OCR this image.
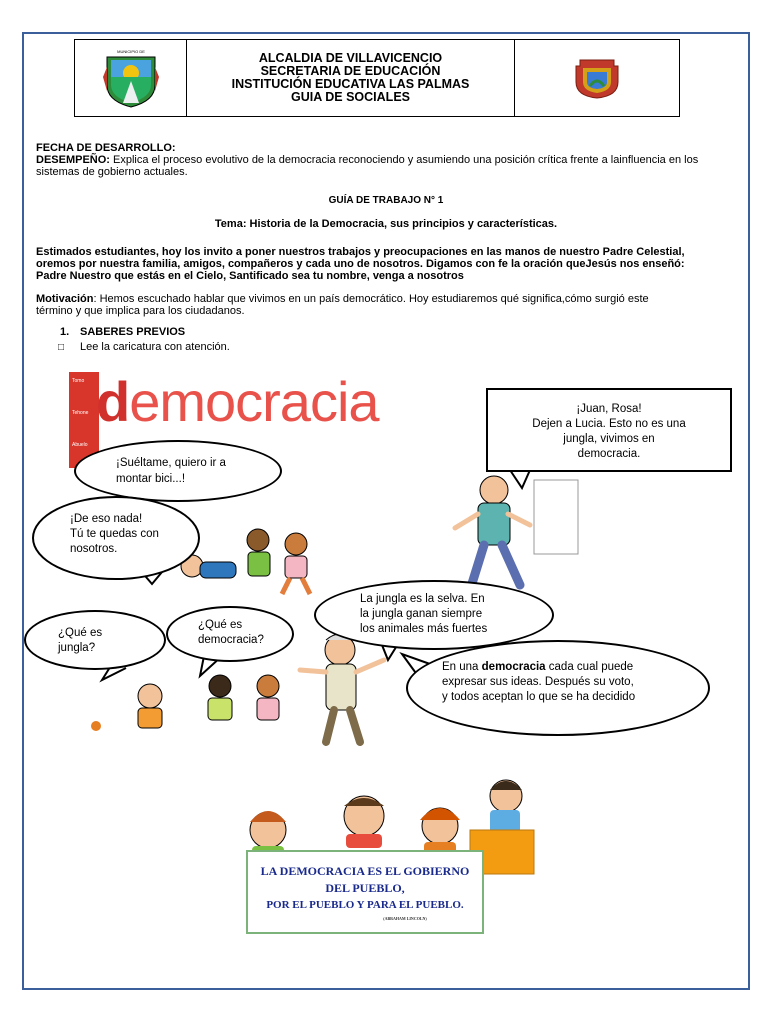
MUNICIPIO DE	ALCALDIA DE VILLAVICENCIO
SECRETARIA DE EDUCACIÓN
INSTITUCIÓN EDUCATIVA LAS PALMAS
GUIA DE SOCIALES
FECHA DE DESARROLLO:
DESEMPEÑO: Explica el proceso evolutivo de la democracia reconociendo y asumiendo una posición crítica frente a lainfluencia en los
sistemas de gobierno actuales.
GUÍA DE TRABAJO N° 1
Tema: Historia de la Democracia, sus principios y características.
Estimados estudiantes, hoy los invito a poner nuestros trabajos y preocupaciones en las manos de nuestro Padre Celestial,
oremos por nuestra familia, amigos, compañeros y cada uno de nosotros. Digamos con fe la oración queJesús nos enseñó:
Padre Nuestro que estás en el Cielo, Santificado sea tu nombre, venga a nosotros
Motivación: Hemos escuchado hablar que vivimos en un país democrático. Hoy estudiaremos qué significa,cómo surgió este
término y que implica para los ciudadanos.
1. SABERES PREVIOS
□ Lee la caricatura con atención.
Tomo
Tehone
Abuelo
democracia
¡Suéltame, quiero ir a
montar bici...!
¡De eso nada!
Tú te quedas con
nosotros.
¡Juan, Rosa!
Dejen a Lucia. Esto no es una
jungla, vivimos en
democracia.
¿Qué es
jungla?
¿Qué es
democracia?
La jungla es la selva. En
la jungla ganan siempre
los animales más fuertes
En una democracia cada cual puede
expresar sus ideas. Después su voto,
y todos aceptan lo que se ha decidido
LA DEMOCRACIA ES EL GOBIERNO
DEL PUEBLO,
POR EL PUEBLO Y PARA EL PUEBLO.
(ABRAHAM LINCOLN)
